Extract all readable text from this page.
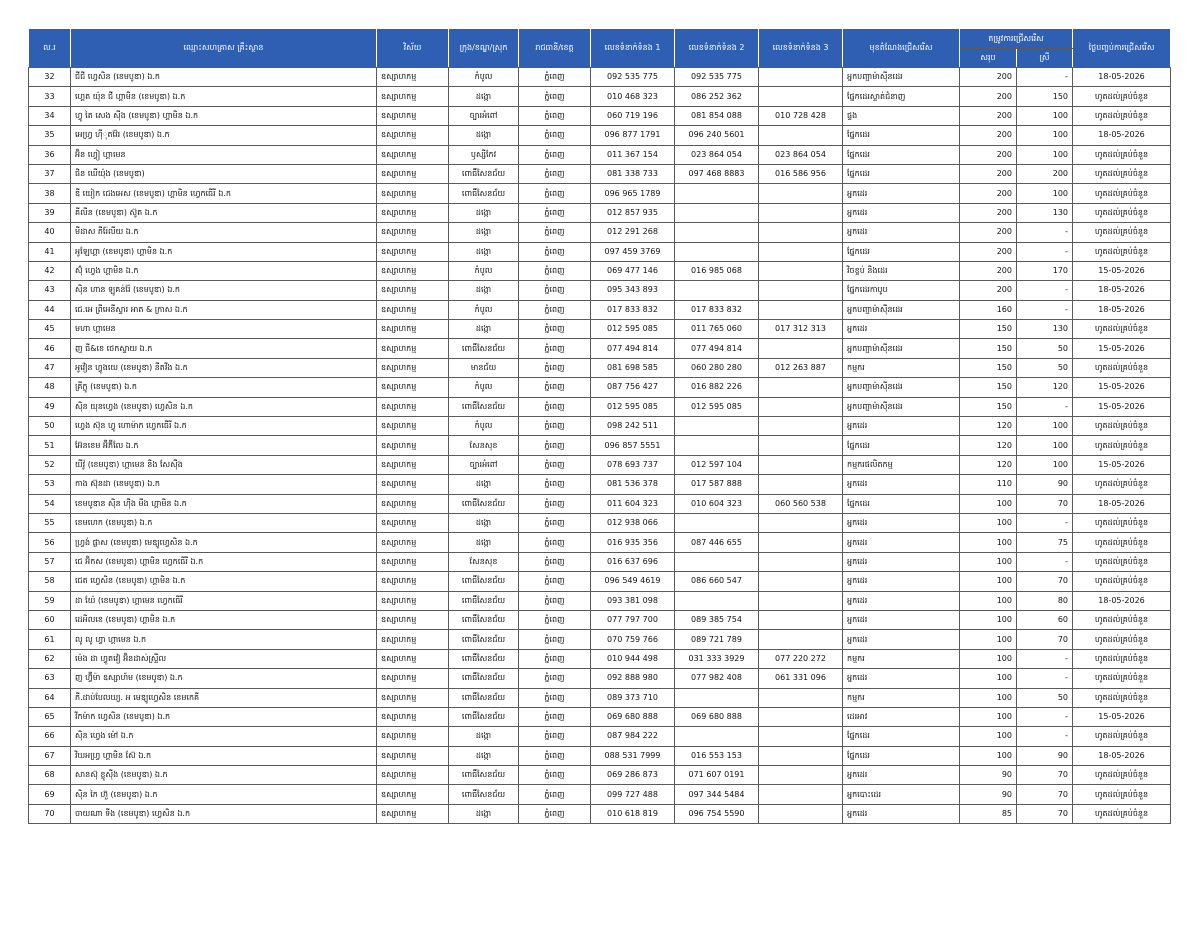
ល.រ	ឈ្មោះសហគ្រាស គ្រឹះស្ថាន	វិស័យ	ក្រុង/ខណ្ឌ/ស្រុក	រាជធានី/ខេត្ត	លេខទំនាក់ទំនង 1	លេខទំនាក់ទំនង 2	លេខទំនាក់ទំនង 3	មុខតំណែងជ្រើសរើស	តម្រូវការជ្រើសរើស		ថ្ងៃបញ្ចប់ការជ្រើសរើស
									សរុប	ស្រី	
32	ជីជី ហ្វេសិន (ខេមបូឌា) ឯ.ក	ឧស្សាហកម្ម	កំបូល	ភ្នំពេញ	092 535 775	092 535 775		អ្នកបញ្ជាម៉ាស៊ីនដេរ	200	-	18-05-2026
33	ហ្គេត យ៉ុន ជី ហ្គាមិន (ខេមបូឌា) ឯ.ក	ឧស្សាហកម្ម	ដង្កោ	ភ្នំពេញ	010 468 323	086 252 362		ផ្នែកដេរស្ទាត់ជំនាញ	200	150	ហូតដល់គ្រប់ចំនួន
34	ហ្វូ តៃ សេង ស៊ីង (ខេមបូឌា) ហ្គាមិន ឯ.ក	ឧស្សាហកម្ម	ច្បារអំពៅ	ភ្នំពេញ	060 719 196	081 854 088	010 728 428	ផ្ទង	200	100	ហូតដល់គ្រប់ចំនួន
35	អេហ្វ្រ ហ៊ីុតវ៉ែរ (ខេមបូឌា) ឯ.ក	ឧស្សាហកម្ម	ដង្កោ	ភ្នំពេញ	096 877 1791	096 240 5601		ផ្នែកដេរ	200	100	18-05-2026
36	អ៊ិន ហ្វៀ ហ្គាមេន	ឧស្សាហកម្ម	ឫស្សីកែវ	ភ្នំពេញ	011 367 154	023 864 054	023 864 054	ផ្នែកដេរ	200	100	ហូតដល់គ្រប់ចំនួន
37	ផិន ឃើយ៉ុង (ខេមបូឌា)	ឧស្សាហកម្ម	ពោធិ៍សែនជ័យ	ភ្នំពេញ	081 338 733	097 468 8883	016 586 956	ផ្នែកដេរ	200	200	ហូតដល់គ្រប់ចំនួន
38	ឌី យៀក ជេងអេស (ខេមបូឌា) ហ្គាមិន ហ្វេកធើរី ឯ.ក	ឧស្សាហកម្ម	ពោធិ៍សែនជ័យ	ភ្នំពេញ	096 965 1789			អ្នកដេរ	200	100	ហូតដល់គ្រប់ចំនួន
39	គីលីន (ខេមបូឌា) ស៊ូត ឯ.ក	ឧស្សាហកម្ម	ដង្កោ	ភ្នំពេញ	012 857 935			អ្នកដេរ	200	130	ហូតដល់គ្រប់ចំនួន
40	មីដាស ភីរ៉ែលីយ ឯ.ក	ឧស្សាហកម្ម	ដង្កោ	ភ្នំពេញ	012 291 268			អ្នកដេរ	200	-	ហូតដល់គ្រប់ចំនួន
41	អូឡែហ្គា (ខេមបូឌា) ហ្គាមិន ឯ.ក	ឧស្សាហកម្ម	ដង្កោ	ភ្នំពេញ	097 459 3769			ផ្នែកដេរ	200	-	ហូតដល់គ្រប់ចំនួន
42	ស៊ុំ ហ្វេង ហ្គាមិន ឯ.ក	ឧស្សាហកម្ម	កំបូល	ភ្នំពេញ	069 477 146	016 985 068		វិចខ្ចប់ និងដេរ	200	170	15-05-2026
43	ស៊ិន ហាន ឡូគន់រ៉ែ (ខេមបូឌា) ឯ.ក	ឧស្សាហកម្ម	ដង្កោ	ភ្នំពេញ	095 343 893			ផ្នែកដេរកាបូប	200	-	18-05-2026
44	ជេ.អេ ព្រីអេនីស្ទារ អាត & ក្រាស ឯ.ក	ឧស្សាហកម្ម	កំបូល	ភ្នំពេញ	017 833 832	017 833 832		អ្នកបញ្ជាម៉ាស៊ីនដេរ	160	-	18-05-2026
45	មហា ហ្គាមេន	ឧស្សាហកម្ម	ដង្កោ	ភ្នំពេញ	012 595 085	011 765 060	017 312 313	អ្នកដេរ	150	130	ហូតដល់គ្រប់ចំនួន
46	ញ ធី&ខេ ថេកស្ទាយ ឯ.ក	ឧស្សាហកម្ម	ពោធិ៍សែនជ័យ	ភ្នំពេញ	077 494 814	077 494 814		អ្នកបញ្ជាម៉ាស៊ីនដេរ	150	50	15-05-2026
47	អូវ៉ៀន ហ្វូងយេ (ខេមបូឌា) នីតវីង ឯ.ក	ឧស្សាហកម្ម	មានជ័យ	ភ្នំពេញ	081 698 585	060 280 280	012 263 887	កម្មករ	150	50	ហូតដល់គ្រប់ចំនួន
48	គ្រីក្លូ (ខេមបូឌា) ឯ.ក	ឧស្សាហកម្ម	កំបូល	ភ្នំពេញ	087 756 427	016 882 226		អ្នកបញ្ជាម៉ាស៊ីនដេរ	150	120	15-05-2026
49	ស៊ិន យុនហ្វេង (ខេមបូឌា) ហ្វេសិន ឯ.ក	ឧស្សាហកម្ម	ពោធិ៍សែនជ័យ	ភ្នំពេញ	012 595 085	012 595 085		អ្នកបញ្ជាម៉ាស៊ីនដេរ	150	-	15-05-2026
50	ហ្វេង ស៊ុន ហ្វូ ហោម៉ាក ហ្វេកធើរី ឯ.ក	ឧស្សាហកម្ម	កំបូល	ភ្នំពេញ	098 242 511			អ្នកដេរ	120	100	ហូតដល់គ្រប់ចំនួន
51	អ៊ែនខេម អ៊ីភ៊ីលែ ឯ.ក	ឧស្សាហកម្ម	សែនសុខ	ភ្នំពេញ	096 857 5551			ផ្នែកដេរ	120	100	ហូតដល់គ្រប់ចំនួន
52	យីវ៉ូ (ខេមបូឌា) ហ្គាមេន និង សែស៊ីង	ឧស្សាហកម្ម	ច្បារអំពៅ	ភ្នំពេញ	078 693 737	012 597 104		កម្មករផលិតកម្ម	120	100	15-05-2026
53	កាង ស៊ុនដា (ខេមបូឌា) ឯ.ក	ឧស្សាហកម្ម	ដង្កោ	ភ្នំពេញ	081 536 378	017 587 888		អ្នកដេរ	110	90	ហូតដល់គ្រប់ចំនួន
54	ខេមបូឌាន ស៊ិន ហ៊ីង មីង ហ្គាមិន ឯ.ក	ឧស្សាហកម្ម	ពោធិ៍សែនជ័យ	ភ្នំពេញ	011 604 323	010 604 323	060 560 538	ផ្នែកដេរ	100	70	18-05-2026
55	ខេមហេក (ខេមបូឌា) ឯ.ក	ឧស្សាហកម្ម	ដង្កោ	ភ្នំពេញ	012 938 066			អ្នកដេរ	100	-	ហូតដល់គ្រប់ចំនួន
56	ហ្វ្រង់ ផ្លាស (ខេមបូឌា) មេឌ្យូហ្វេសិន ឯ.ក	ឧស្សាហកម្ម	ដង្កោ	ភ្នំពេញ	016 935 356	087 446 655		អ្នកដេរ	100	75	ហូតដល់គ្រប់ចំនួន
57	ជេ អ៊ិកស (ខេមបូឌា) ហ្គាមិន ហ្វេកធើរី ឯ.ក	ឧស្សាហកម្ម	សែនសុខ	ភ្នំពេញ	016 637 696			អ្នកដេរ	100	-	ហូតដល់គ្រប់ចំនួន
58	ជេត ហ្វេសិន (ខេមបូឌា) ហ្គាមិន ឯ.ក	ឧស្សាហកម្ម	ពោធិ៍សែនជ័យ	ភ្នំពេញ	096 549 4619	086 660 547		អ្នកដេរ	100	70	ហូតដល់គ្រប់ចំនួន
59	ដា យ៉ែ (ខេមបូឌា) ហ្គាមេន ហ្វេកធើរី	ឧស្សាហកម្ម	ពោធិ៍សែនជ័យ	ភ្នំពេញ	093 381 098			អ្នកដេរ	100	80	18-05-2026
60	ដេអិលខេ (ខេមបូឌា) ហ្គាមិន ឯ.ក	ឧស្សាហកម្ម	ពោធិ៍សែនជ័យ	ភ្នំពេញ	077 797 700	089 385 754		អ្នកដេរ	100	60	ហូតដល់គ្រប់ចំនួន
61	លូ លូ ហ្វា ហ្គាមេន ឯ.ក	ឧស្សាហកម្ម	ពោធិ៍សែនជ័យ	ភ្នំពេញ	070 759 766	089 721 789		អ្នកដេរ	100	70	ហូតដល់គ្រប់ចំនួន
62	ម៉េង ដា ហ្វូតវៀ អ៊ិនដាស់ស្ទ្រីល	ឧស្សាហកម្ម	ពោធិ៍សែនជ័យ	ភ្នំពេញ	010 944 498	031 333 3929	077 220 272	កម្មករ	100	-	ហូតដល់គ្រប់ចំនួន
63	ញ ហ្វ៊ីម៉ា ឧស្សាហ៍ម (ខេមបូឌា) ឯ.ក	ឧស្សាហកម្ម	ពោធិ៍សែនជ័យ	ភ្នំពេញ	092 888 980	077 982 408	061 331 096	អ្នកដេរ	100	-	ហូតដល់គ្រប់ចំនួន
64	ភី.ដាប់បែលឃ្យ. អ មេឌ្យូហ្វេសិន ខេមកេគី	ឧស្សាហកម្ម	ពោធិ៍សែនជ័យ	ភ្នំពេញ	089 373 710			កម្មករ	100	50	ហូតដល់គ្រប់ចំនួន
65	វីកម៉ាក ហ្វេសិន (ខេមបូឌា) ឯ.ក	ឧស្សាហកម្ម	ពោធិ៍សែនជ័យ	ភ្នំពេញ	069 680 888	069 680 888		ដេរអាវ	100	-	15-05-2026
66	ស៊ិន ហ្វេង ម៉ៅ ឯ.ក	ឧស្សាហកម្ម	ដង្កោ	ភ្នំពេញ	087 984 222			ផ្នែកដេរ	100	-	ហូតដល់គ្រប់ចំនួន
67	វិឃអហ្វ្រ ហ្គាមិន ស៊ែ ឯ.ក	ឧស្សាហកម្ម	ដង្កោ	ភ្នំពេញ	088 531 7999	016 553 153		ផ្នែកដេរ	100	90	18-05-2026
68	សានស៊ុ ខ្លូស៊ីង (ខេមបូឌា) ឯ.ក	ឧស្សាហកម្ម	ពោធិ៍សែនជ័យ	ភ្នំពេញ	069 286 873	071 607 0191		អ្នកដេរ	90	70	ហូតដល់គ្រប់ចំនួន
69	ស៊ិន កៃ ហ៊ួ (ខេមបូឌា) ឯ.ក	ឧស្សាហកម្ម	ពោធិ៍សែនជ័យ	ភ្នំពេញ	099 727 488	097 344 5484		អ្នកបោះដេរ	90	70	ហូតដល់គ្រប់ចំនួន
70	ចាយណា ទីង (ខេមបូឌា) ហ្វេសិន ឯ.ក	ឧស្សាហកម្ម	ដង្កោ	ភ្នំពេញ	010 618 819	096 754 5590		អ្នកដេរ	85	70	ហូតដល់គ្រប់ចំនួន
